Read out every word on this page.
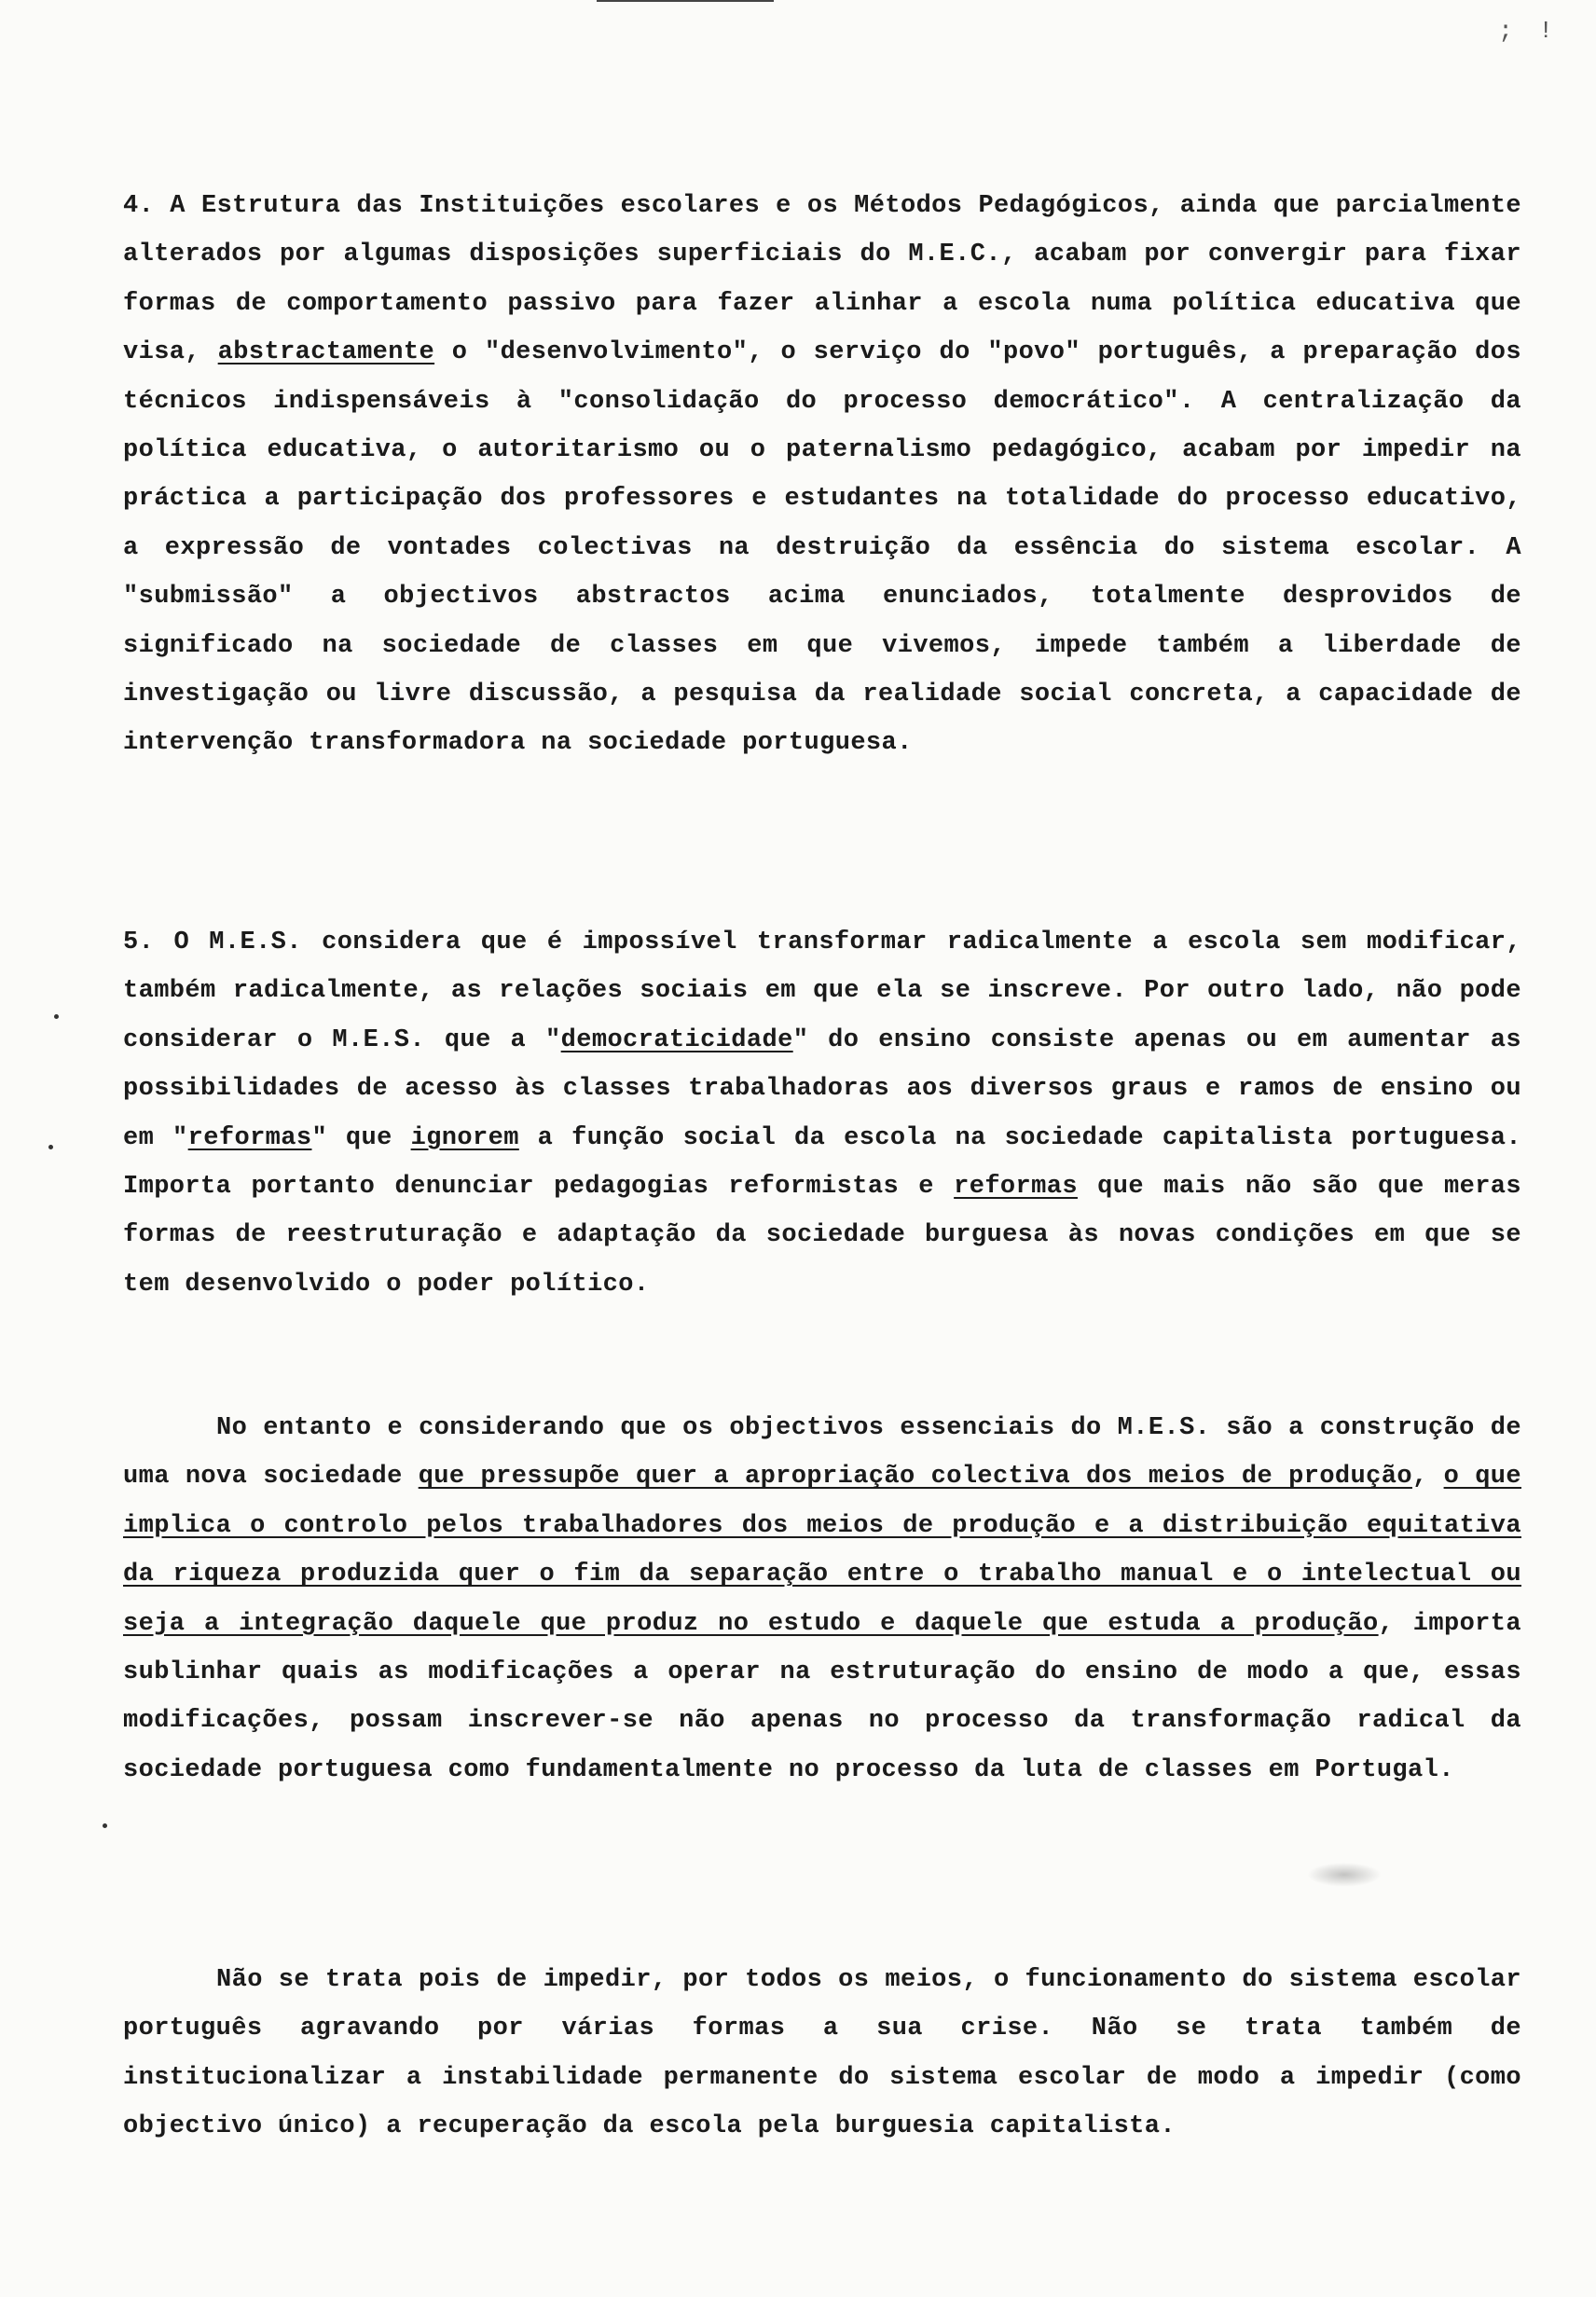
; !

4. A Estrutura das Instituições escolares e os Métodos Pedagógicos, ainda que parcialmente alterados por algumas disposições superficiais do M.E.C., acabam por convergir para fixar formas de comportamento passivo para fazer alinhar a escola numa política educativa que visa, abstractamente o "desenvolvimento", o serviço do "povo" português, a preparação dos técnicos indispensáveis à "consolidação do processo democrático". A centralização da política educativa, o autoritarismo ou o paternalismo pedagógico, acabam por impedir na práctica a participação dos professores e estudantes na totalidade do processo educativo, a expressão de vontades colectivas na destruição da essência do sistema escolar. A "submissão" a objectivos abstractos acima enunciados, totalmente desprovidos de significado na sociedade de classes em que vivemos, impede também a liberdade de investigação ou livre discussão, a pesquisa da realidade social concreta, a capacidade de intervenção transformadora na sociedade portuguesa.

5. O M.E.S. considera que é impossível transformar radicalmente a escola sem modificar, também radicalmente, as relações sociais em que ela se inscreve. Por outro lado, não pode considerar o M.E.S. que a "democraticidade" do ensino consiste apenas ou em aumentar as possibilidades de acesso às classes trabalhadoras aos diversos graus e ramos de ensino ou em "reformas" que ignorem a função social da escola na sociedade capitalista portuguesa. Importa portanto denunciar pedagogias reformistas e reformas que mais não são que meras formas de reestruturação e adaptação da sociedade burguesa às novas condições em que se tem desenvolvido o poder político.

No entanto e considerando que os objectivos essenciais do M.E.S. são a construção de uma nova sociedade que pressupõe quer a apropriação colectiva dos meios de produção, o que implica o controlo pelos trabalhadores dos meios de produção e a distribuição equitativa da riqueza produzida quer o fim da separação entre o trabalho manual e o intelectual ou seja a integração daquele que produz no estudo e daquele que estuda a produção, importa sublinhar quais as modificações a operar na estruturação do ensino de modo a que, essas modificações, possam inscrever-se não apenas no processo da transformação radical da sociedade portuguesa como fundamentalmente no processo da luta de classes em Portugal.

Não se trata pois de impedir, por todos os meios, o funcionamento do sistema escolar português agravando por várias formas a sua crise. Não se trata também de institucionalizar a instabilidade permanente do sistema escolar de modo a impedir (como objectivo único) a recuperação da escola pela burguesia capitalista.
